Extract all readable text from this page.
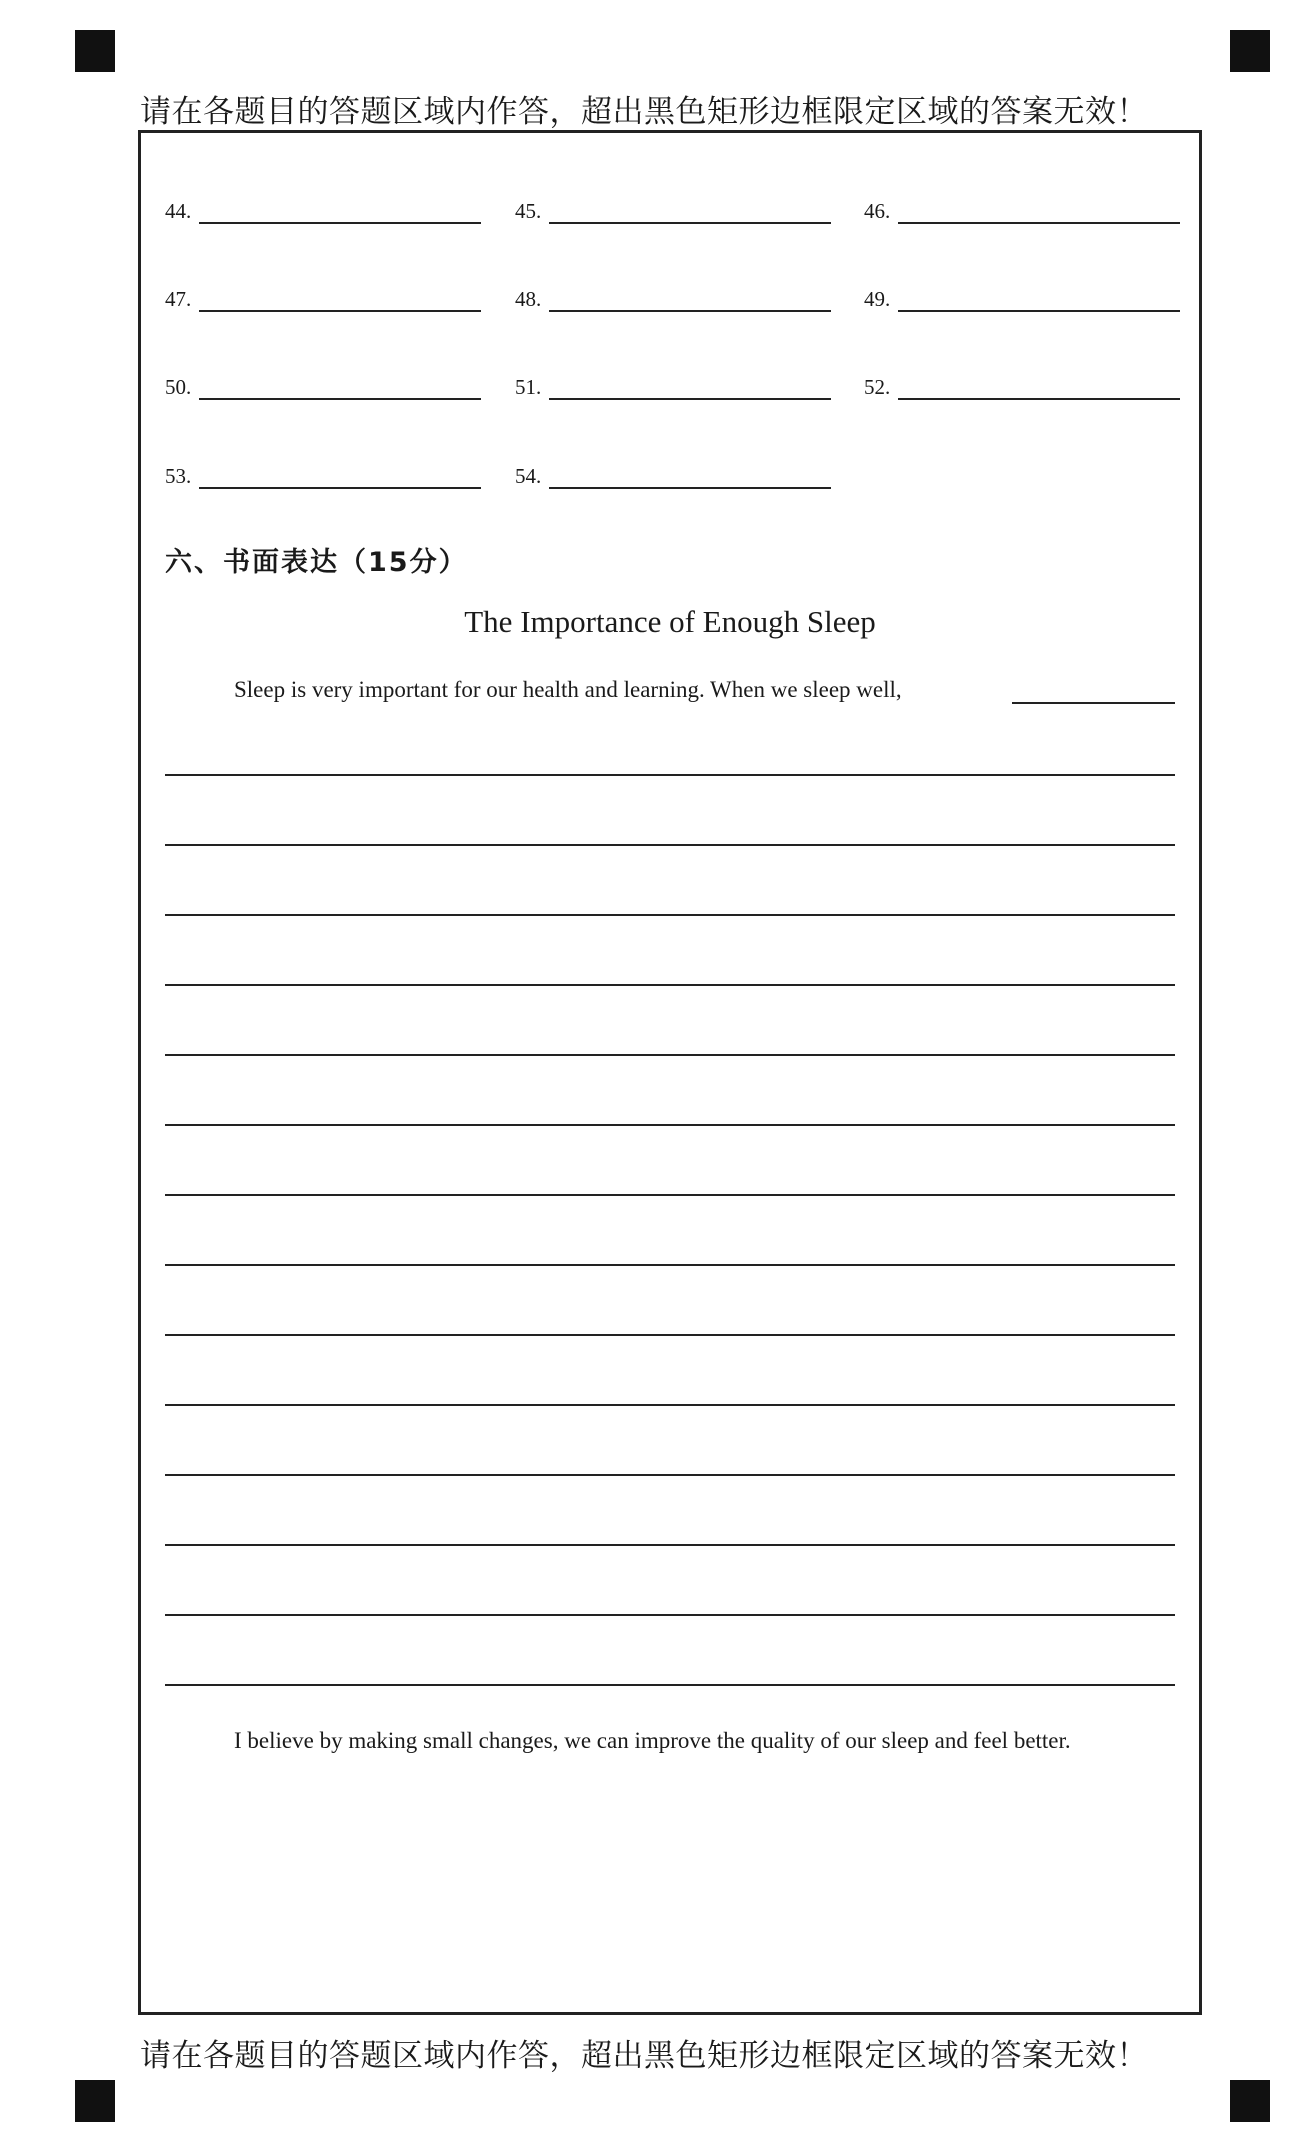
请在各题目的答题区域内作答，超出黑色矩形边框限定区域的答案无效！
44.	45.	46.
47.	48.	49.
50.	51.	52.
53.	54.
六、书面表达（15分）
The Importance of Enough Sleep
Sleep is very important for our health and learning. When we sleep well,
I believe by making small changes, we can improve the quality of our sleep and feel better.
请在各题目的答题区域内作答，超出黑色矩形边框限定区域的答案无效！
